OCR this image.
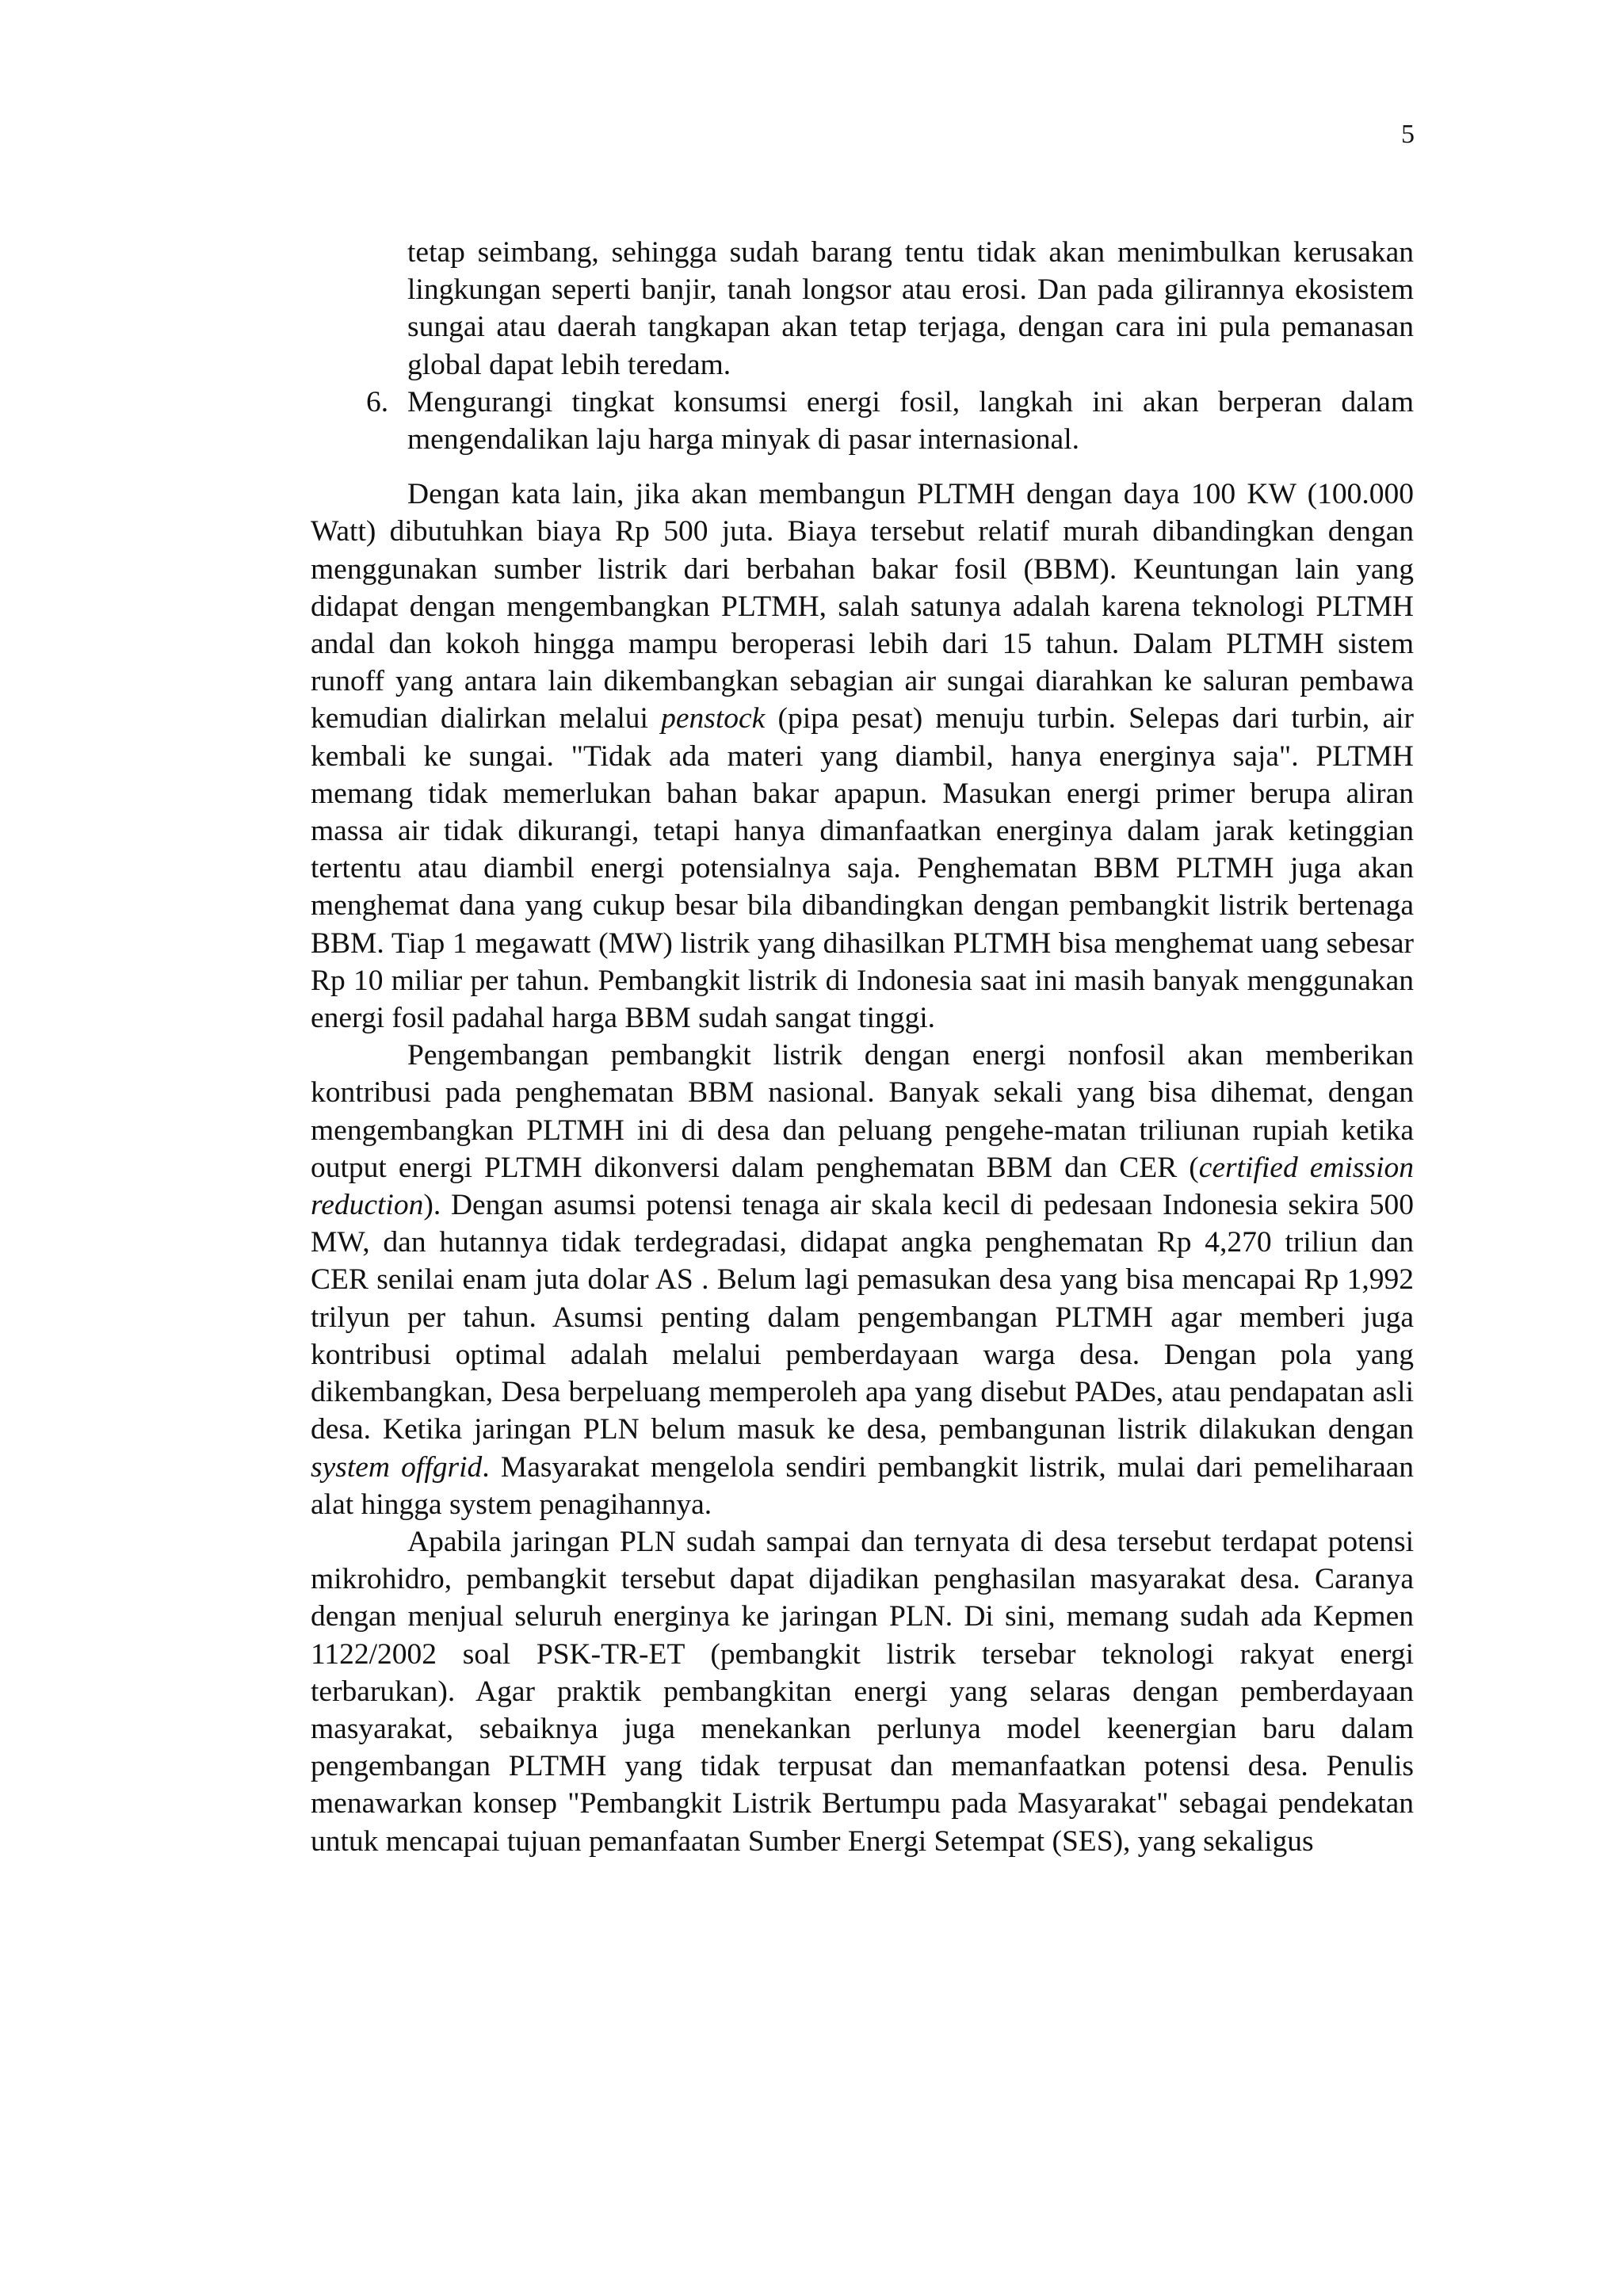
5

tetap seimbang, sehingga sudah barang tentu tidak akan menimbulkan kerusakan lingkungan seperti banjir, tanah longsor atau erosi. Dan pada gilirannya ekosistem sungai atau daerah tangkapan akan tetap terjaga, dengan cara ini pula pemanasan global dapat lebih teredam.

6. Mengurangi tingkat konsumsi energi fosil, langkah ini akan berperan dalam mengendalikan laju harga minyak di pasar internasional.

Dengan kata lain, jika akan membangun PLTMH dengan daya 100 KW (100.000 Watt) dibutuhkan biaya Rp 500 juta. Biaya tersebut relatif murah dibandingkan dengan menggunakan sumber listrik dari berbahan bakar fosil (BBM). Keuntungan lain yang didapat dengan mengembangkan PLTMH, salah satunya adalah karena teknologi PLTMH andal dan kokoh hingga mampu beroperasi lebih dari 15 tahun. Dalam PLTMH sistem runoff yang antara lain dikembangkan sebagian air sungai diarahkan ke saluran pembawa kemudian dialirkan melalui penstock (pipa pesat) menuju turbin. Selepas dari turbin, air kembali ke sungai. "Tidak ada materi yang diambil, hanya energinya saja". PLTMH memang tidak memerlukan bahan bakar apapun. Masukan energi primer berupa aliran massa air tidak dikurangi, tetapi hanya dimanfaatkan energinya dalam jarak ketinggian tertentu atau diambil energi potensialnya saja. Penghematan BBM PLTMH juga akan menghemat dana yang cukup besar bila dibandingkan dengan pembangkit listrik bertenaga BBM. Tiap 1 megawatt (MW) listrik yang dihasilkan PLTMH bisa menghemat uang sebesar Rp 10 miliar per tahun. Pembangkit listrik di Indonesia saat ini masih banyak menggunakan energi fosil padahal harga BBM sudah sangat tinggi.

Pengembangan pembangkit listrik dengan energi nonfosil akan memberikan kontribusi pada penghematan BBM nasional. Banyak sekali yang bisa dihemat, dengan mengembangkan PLTMH ini di desa dan peluang pengehe-matan triliunan rupiah ketika output energi PLTMH dikonversi dalam penghematan BBM dan CER (certified emission reduction). Dengan asumsi potensi tenaga air skala kecil di pedesaan Indonesia sekira 500 MW, dan hutannya tidak terdegradasi, didapat angka penghematan Rp 4,270 triliun dan CER senilai enam juta dolar AS . Belum lagi pemasukan desa yang bisa mencapai Rp 1,992 trilyun per tahun. Asumsi penting dalam pengembangan PLTMH agar memberi juga kontribusi optimal adalah melalui pemberdayaan warga desa. Dengan pola yang dikembangkan, Desa berpeluang memperoleh apa yang disebut PADes, atau pendapatan asli desa. Ketika jaringan PLN belum masuk ke desa, pembangunan listrik dilakukan dengan system offgrid. Masyarakat mengelola sendiri pembangkit listrik, mulai dari pemeliharaan alat hingga system penagihannya.

Apabila jaringan PLN sudah sampai dan ternyata di desa tersebut terdapat potensi mikrohidro, pembangkit tersebut dapat dijadikan penghasilan masyarakat desa. Caranya dengan menjual seluruh energinya ke jaringan PLN. Di sini, memang sudah ada Kepmen 1122/2002 soal PSK-TR-ET (pembangkit listrik tersebar teknologi rakyat energi terbarukan). Agar praktik pembangkitan energi yang selaras dengan pemberdayaan masyarakat, sebaiknya juga menekankan perlunya model keenergian baru dalam pengembangan PLTMH yang tidak terpusat dan memanfaatkan potensi desa. Penulis menawarkan konsep "Pembangkit Listrik Bertumpu pada Masyarakat" sebagai pendekatan untuk mencapai tujuan pemanfaatan Sumber Energi Setempat (SES), yang sekaligus
